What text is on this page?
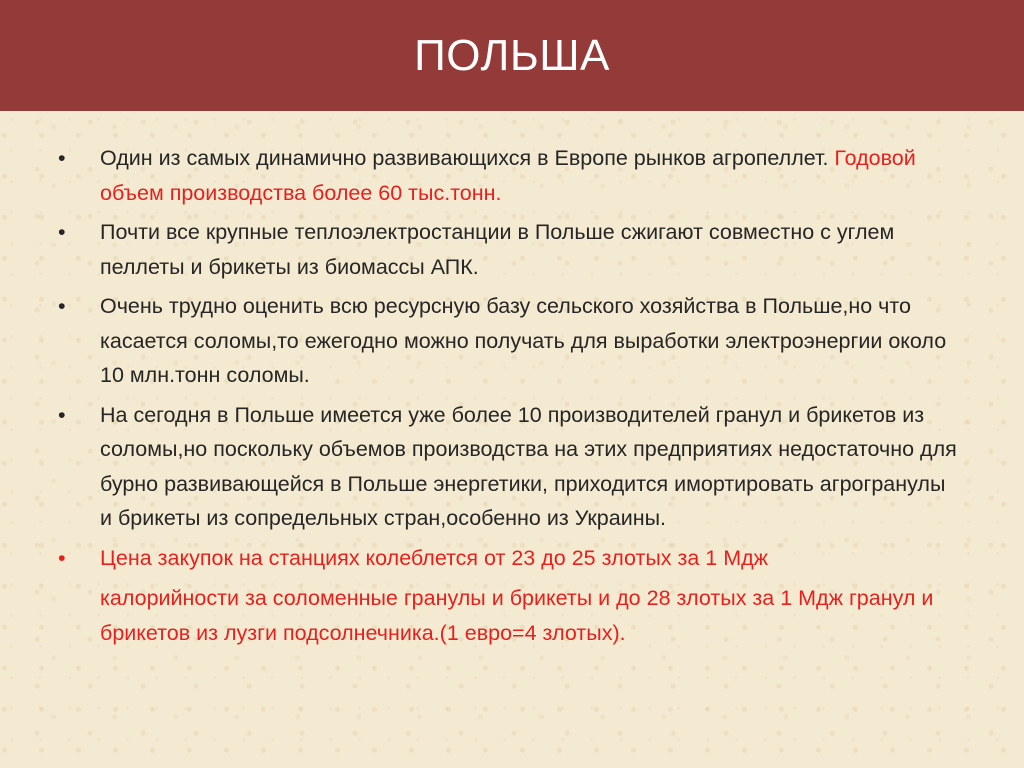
ПОЛЬША
•	Один из самых динамично развивающихся в Европе рынков агропеллет. Годовой объем производства более 60 тыс.тонн.
•	Почти все крупные теплоэлектростанции в Польше сжигают совместно с углем пеллеты и брикеты из биомассы АПК.
•	Очень трудно оценить всю ресурсную базу сельского хозяйства в Польше,но что касается соломы,то ежегодно можно получать для выработки электроэнергии около 10 млн.тонн соломы.
•	На сегодня в Польше имеется уже более 10 производителей гранул и брикетов из соломы,но поскольку объемов производства на этих предприятиях недостаточно для бурно развивающейся в Польше энергетики, приходится имортировать агрогранулы и брикеты из сопредельных стран,особенно из Украины.
•	Цена закупок на станциях колеблется от 23 до 25 злотых за 1 Мдж
калорийности за соломенные гранулы и брикеты и до 28 злотых за 1 Мдж гранул и брикетов из лузги подсолнечника.(1 евро=4 злотых).
